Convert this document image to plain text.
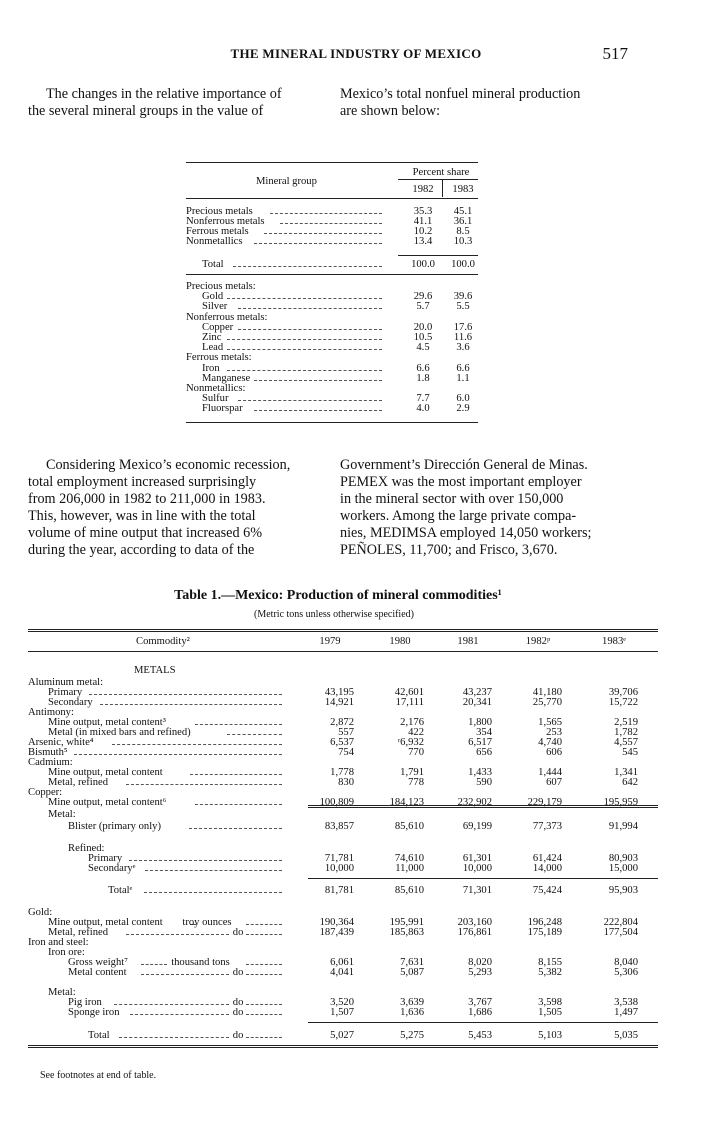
THE MINERAL INDUSTRY OF MEXICO	517

The changes in the relative importance of

the several mineral groups in the value of

Mexico’s total nonfuel mineral production

are shown below:

Mineral group
Percent share
1982	1983
Precious metals	35.3	45.1
Nonferrous metals	41.1	36.1
Ferrous metals	10.2	8.5
Nonmetallics	13.4	10.3
Total	100.0	100.0
Precious metals:
Gold	29.6	39.6
Silver	5.7	5.5
Nonferrous metals:
Copper	20.0	17.6
Zinc	10.5	11.6
Lead	4.5	3.6
Ferrous metals:
Iron	6.6	6.6
Manganese	1.8	1.1
Nonmetallics:
Sulfur	7.7	6.0
Fluorspar	4.0	2.9

Considering Mexico’s economic recession,

total employment increased surprisingly

from 206,000 in 1982 to 211,000 in 1983.

This, however, was in line with the total

volume of mine output that increased 6%

during the year, according to data of the

Government’s Dirección General de Minas.

PEMEX was the most important employer

in the mineral sector with over 150,000

workers. Among the large private compa-

nies, MEDIMSA employed 14,050 workers;

PEÑOLES, 11,700; and Frisco, 3,670.

Table 1.—Mexico: Production of mineral commodities¹
(Metric tons unless otherwise specified)
Commodity²
METALS
1979	1980	1981	1982ᵖ	1983ᵉ
Aluminum metal:
Primary	43,195	42,601	43,237	41,180	39,706
Secondary	14,921	17,111	20,341	25,770	15,722
Antimony:
Mine output, metal content³	2,872	2,176	1,800	1,565	2,519
Metal (in mixed bars and refined)	557	422	354	253	1,782
Arsenic, white⁴	6,537	ʳ6,932	6,517	4,740	4,557
Bismuth⁵	754	770	656	606	545
Cadmium:
Mine output, metal content	1,778	1,791	1,433	1,444	1,341
Metal, refined	830	778	590	607	642
Copper:
Mine output, metal content⁶	100,809	184,123	232,902	229,179	195,959
Metal:
Blister (primary only)	83,857	85,610	69,199	77,373	91,994
Refined:
Primary	71,781	74,610	61,301	61,424	80,903
Secondaryᵉ	10,000	11,000	10,000	14,000	15,000
Totalᵉ	81,781	85,610	71,301	75,424	95,903
Gold:
Mine output, metal content troy ounces	190,364	195,991	203,160	196,248	222,804
Metal, refined	do	187,439	185,863	176,861	175,189	177,504
Iron and steel:
Iron ore:
Gross weight⁷	thousand tons	6,061	7,631	8,020	8,155	8,040
Metal content	do	4,041	5,087	5,293	5,382	5,306
Metal:
Pig iron	do	3,520	3,639	3,767	3,598	3,538
Sponge iron	do	1,507	1,636	1,686	1,505	1,497
Total	do	5,027	5,275	5,453	5,103	5,035
See footnotes at end of table.
